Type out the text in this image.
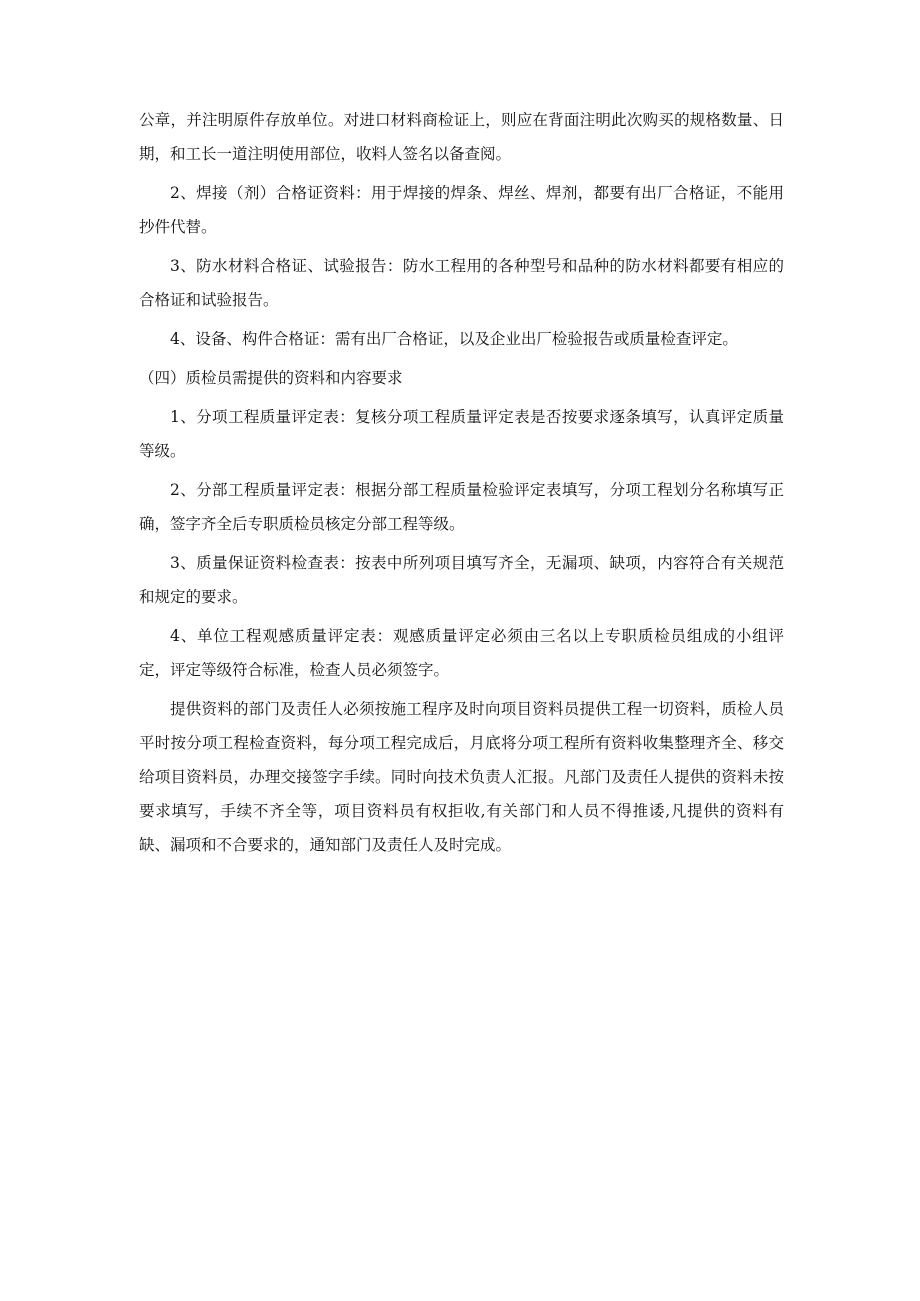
公章，并注明原件存放单位。对进口材料商检证上，则应在背面注明此次购买的规格数量、日期，和工长一道注明使用部位，收料人签名以备查阅。

2、焊接（剂）合格证资料：用于焊接的焊条、焊丝、焊剂，都要有出厂合格证，不能用抄件代替。

3、防水材料合格证、试验报告：防水工程用的各种型号和品种的防水材料都要有相应的合格证和试验报告。

4、设备、构件合格证：需有出厂合格证，以及企业出厂检验报告或质量检查评定。

（四）质检员需提供的资料和内容要求

1、分项工程质量评定表：复核分项工程质量评定表是否按要求逐条填写，认真评定质量等级。

2、分部工程质量评定表：根据分部工程质量检验评定表填写，分项工程划分名称填写正确，签字齐全后专职质检员核定分部工程等级。

3、质量保证资料检查表：按表中所列项目填写齐全，无漏项、缺项，内容符合有关规范和规定的要求。

4、单位工程观感质量评定表：观感质量评定必须由三名以上专职质检员组成的小组评定，评定等级符合标准，检查人员必须签字。

提供资料的部门及责任人必须按施工程序及时向项目资料员提供工程一切资料，质检人员平时按分项工程检查资料，每分项工程完成后，月底将分项工程所有资料收集整理齐全、移交给项目资料员，办理交接签字手续。同时向技术负责人汇报。凡部门及责任人提供的资料未按要求填写，手续不齐全等，项目资料员有权拒收,有关部门和人员不得推诿,凡提供的资料有缺、漏项和不合要求的，通知部门及责任人及时完成。
